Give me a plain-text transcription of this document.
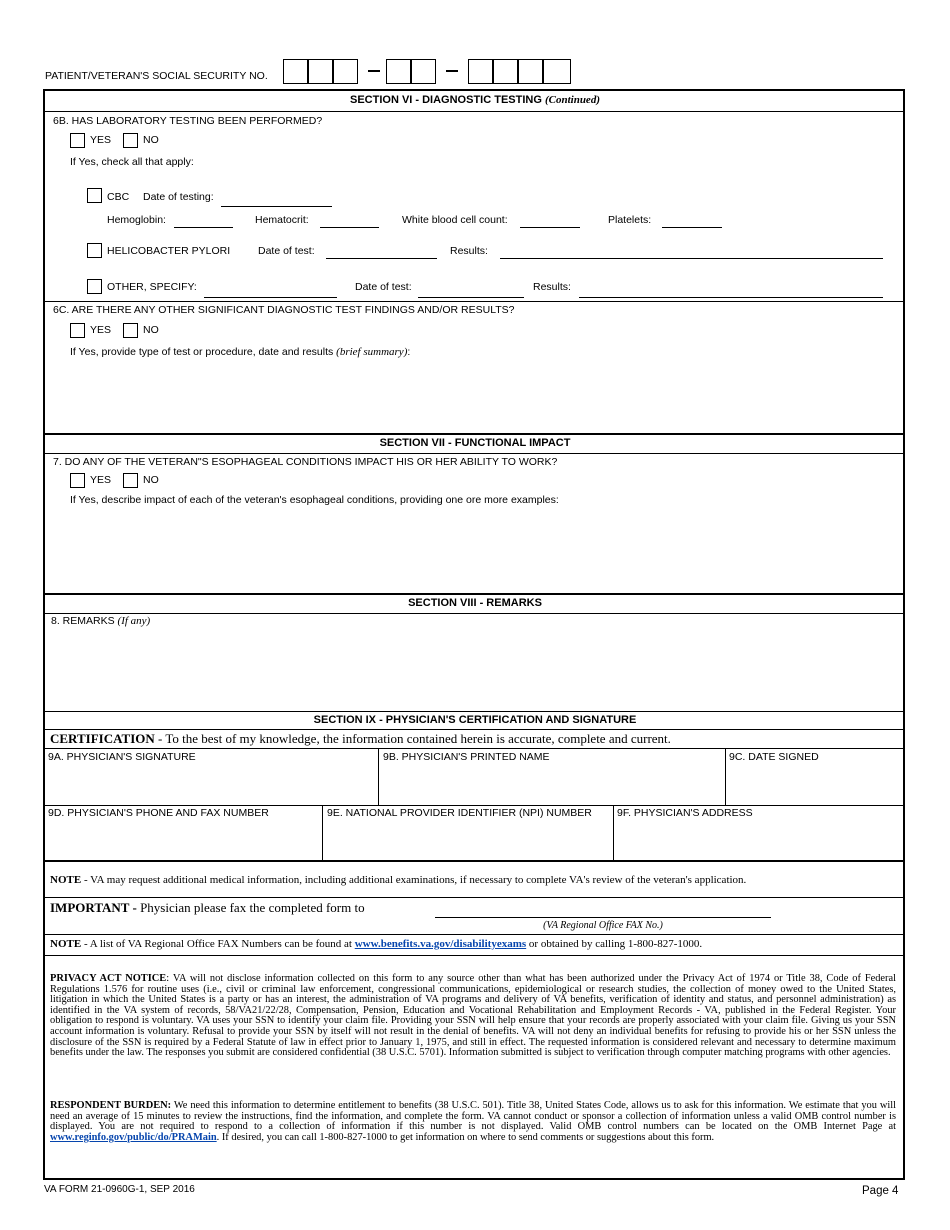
PATIENT/VETERAN'S SOCIAL SECURITY NO.
SECTION VI - DIAGNOSTIC TESTING (Continued)
6B. HAS LABORATORY TESTING BEEN PERFORMED?
YES	NO
If Yes, check all that apply:
CBC Date of testing:
Hemoglobin:	Hematocrit:	White blood cell count:	Platelets:
HELICOBACTER PYLORI	Date of test:	Results:
OTHER, SPECIFY:	Date of test:	Results:
6C. ARE THERE ANY OTHER SIGNIFICANT DIAGNOSTIC TEST FINDINGS AND/OR RESULTS?
YES	NO
If Yes, provide type of test or procedure, date and results (brief summary):
SECTION VII - FUNCTIONAL IMPACT
7. DO ANY OF THE VETERAN"S ESOPHAGEAL CONDITIONS IMPACT HIS OR HER ABILITY TO WORK?
YES	NO
If Yes, describe impact of each of the veteran's esophageal conditions, providing one ore more examples:
SECTION VIII - REMARKS
8. REMARKS (If any)
SECTION IX - PHYSICIAN'S CERTIFICATION AND SIGNATURE
CERTIFICATION - To the best of my knowledge, the information contained herein is accurate, complete and current.
9A. PHYSICIAN'S SIGNATURE	9B. PHYSICIAN'S PRINTED NAME	9C. DATE SIGNED
9D. PHYSICIAN'S PHONE AND FAX NUMBER	9E. NATIONAL PROVIDER IDENTIFIER (NPI) NUMBER 9F. PHYSICIAN'S ADDRESS
NOTE - VA may request additional medical information, including additional examinations, if necessary to complete VA's review of the veteran's application.
IMPORTANT - Physician please fax the completed form to
(VA Regional Office FAX No.)
NOTE - A list of VA Regional Office FAX Numbers can be found at www.benefits.va.gov/disabilityexams or obtained by calling 1-800-827-1000.
PRIVACY ACT NOTICE: VA will not disclose information collected on this form to any source other than what has been authorized under the Privacy Act of 1974 or Title 38, Code of Federal Regulations 1.576 for routine uses (i.e., civil or criminal law enforcement, congressional communications, epidemiological or research studies, the collection of money owed to the United States, litigation in which the United States is a party or has an interest, the administration of VA programs and delivery of VA benefits, verification of identity and status, and personnel administration) as identified in the VA system of records, 58/VA21/22/28, Compensation, Pension, Education and Vocational Rehabilitation and Employment Records - VA, published in the Federal Register. Your obligation to respond is voluntary. VA uses your SSN to identify your claim file. Providing your SSN will help ensure that your records are properly associated with your claim file. Giving us your SSN account information is voluntary. Refusal to provide your SSN by itself will not result in the denial of benefits. VA will not deny an individual benefits for refusing to provide his or her SSN unless the disclosure of the SSN is required by a Federal Statute of law in effect prior to January 1, 1975, and still in effect. The requested information is considered relevant and necessary to determine maximum benefits under the law. The responses you submit are considered confidential (38 U.S.C. 5701). Information submitted is subject to verification through computer matching programs with other agencies.
RESPONDENT BURDEN: We need this information to determine entitlement to benefits (38 U.S.C. 501). Title 38, United States Code, allows us to ask for this information. We estimate that you will need an average of 15 minutes to review the instructions, find the information, and complete the form. VA cannot conduct or sponsor a collection of information unless a valid OMB control number is displayed. You are not required to respond to a collection of information if this number is not displayed. Valid OMB control numbers can be located on the OMB Internet Page at www.reginfo.gov/public/do/PRAMain. If desired, you can call 1-800-827-1000 to get information on where to send comments or suggestions about this form.
VA FORM 21-0960G-1, SEP 2016	Page 4
